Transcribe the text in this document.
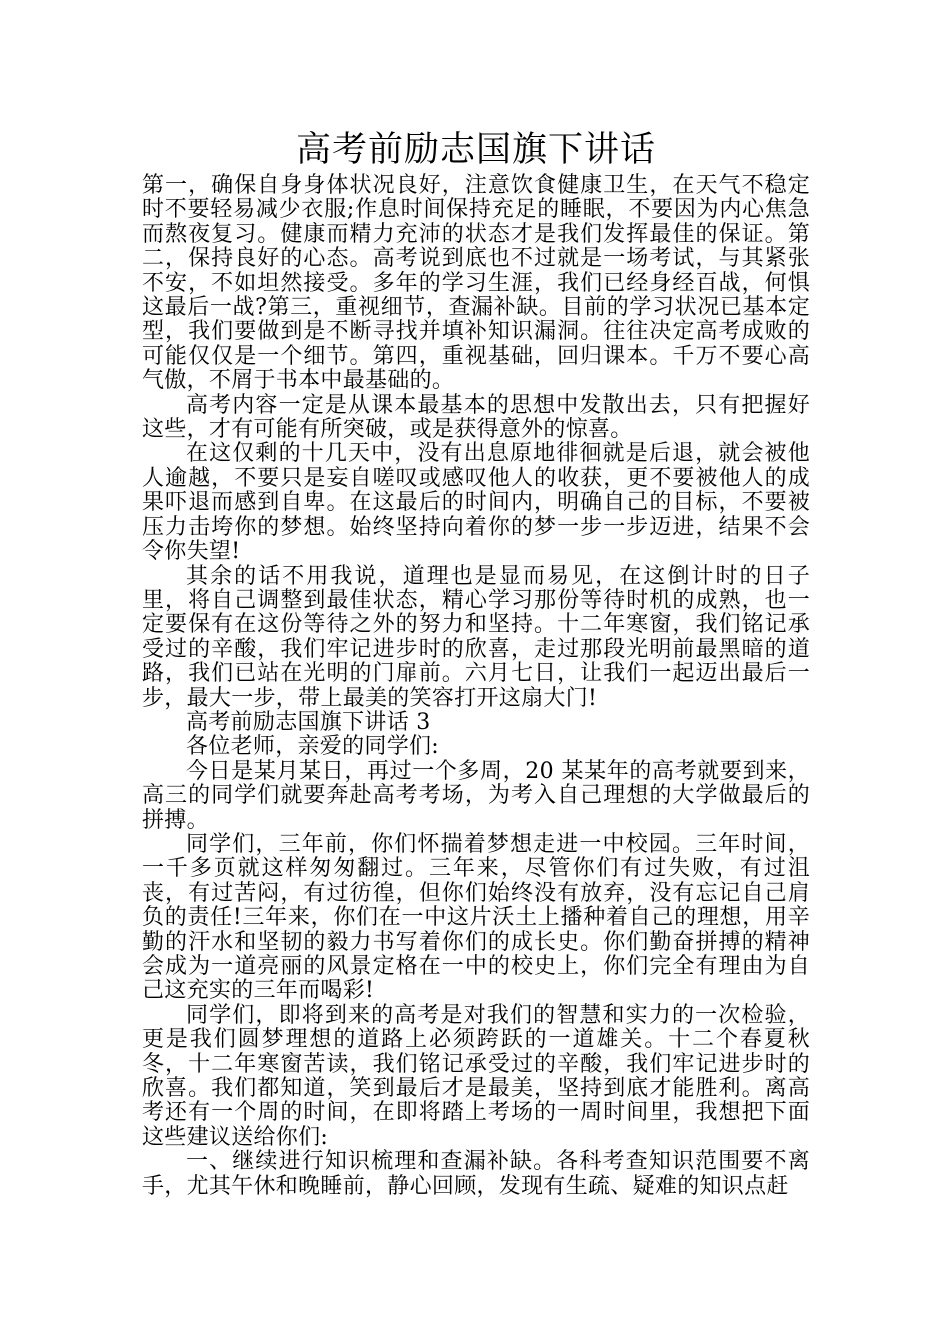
高考前励志国旗下讲话

第一，确保自身身体状况良好，注意饮食健康卫生，在天气不稳定时不要轻易减少衣服;作息时间保持充足的睡眠，不要因为内心焦急而熬夜复习。健康而精力充沛的状态才是我们发挥最佳的保证。第二，保持良好的心态。高考说到底也不过就是一场考试，与其紧张不安，不如坦然接受。多年的学习生涯，我们已经身经百战，何惧这最后一战?第三，重视细节，查漏补缺。目前的学习状况已基本定型，我们要做到是不断寻找并填补知识漏洞。往往决定高考成败的可能仅仅是一个细节。第四，重视基础，回归课本。千万不要心高气傲，不屑于书本中最基础的。

高考内容一定是从课本最基本的思想中发散出去，只有把握好这些，才有可能有所突破，或是获得意外的惊喜。

在这仅剩的十几天中，没有出息原地徘徊就是后退，就会被他人逾越，不要只是妄自嗟叹或感叹他人的收获，更不要被他人的成果吓退而感到自卑。在这最后的时间内，明确自己的目标，不要被压力击垮你的梦想。始终坚持向着你的梦一步一步迈进，结果不会令你失望!

其余的话不用我说，道理也是显而易见，在这倒计时的日子里，将自己调整到最佳状态，精心学习那份等待时机的成熟，也一定要保有在这份等待之外的努力和坚持。十二年寒窗，我们铭记承受过的辛酸，我们牢记进步时的欣喜，走过那段光明前最黑暗的道路，我们已站在光明的门扉前。六月七日，让我们一起迈出最后一步，最大一步，带上最美的笑容打开这扇大门!

高考前励志国旗下讲话 3

各位老师，亲爱的同学们:

今日是某月某日，再过一个多周，20 某某年的高考就要到来，高三的同学们就要奔赴高考考场，为考入自己理想的大学做最后的拼搏。

同学们，三年前，你们怀揣着梦想走进一中校园。三年时间，一千多页就这样匆匆翻过。三年来，尽管你们有过失败，有过沮丧，有过苦闷，有过彷徨，但你们始终没有放弃，没有忘记自己肩负的责任!三年来，你们在一中这片沃土上播种着自己的理想，用辛勤的汗水和坚韧的毅力书写着你们的成长史。你们勤奋拼搏的精神会成为一道亮丽的风景定格在一中的校史上，你们完全有理由为自己这充实的三年而喝彩!

同学们，即将到来的高考是对我们的智慧和实力的一次检验，更是我们圆梦理想的道路上必须跨跃的一道雄关。十二个春夏秋冬，十二年寒窗苦读，我们铭记承受过的辛酸，我们牢记进步时的欣喜。我们都知道，笑到最后才是最美，坚持到底才能胜利。离高考还有一个周的时间，在即将踏上考场的一周时间里，我想把下面这些建议送给你们:

一、继续进行知识梳理和查漏补缺。各科考查知识范围要不离手，尤其午休和晚睡前，静心回顾，发现有生疏、疑难的知识点赶
